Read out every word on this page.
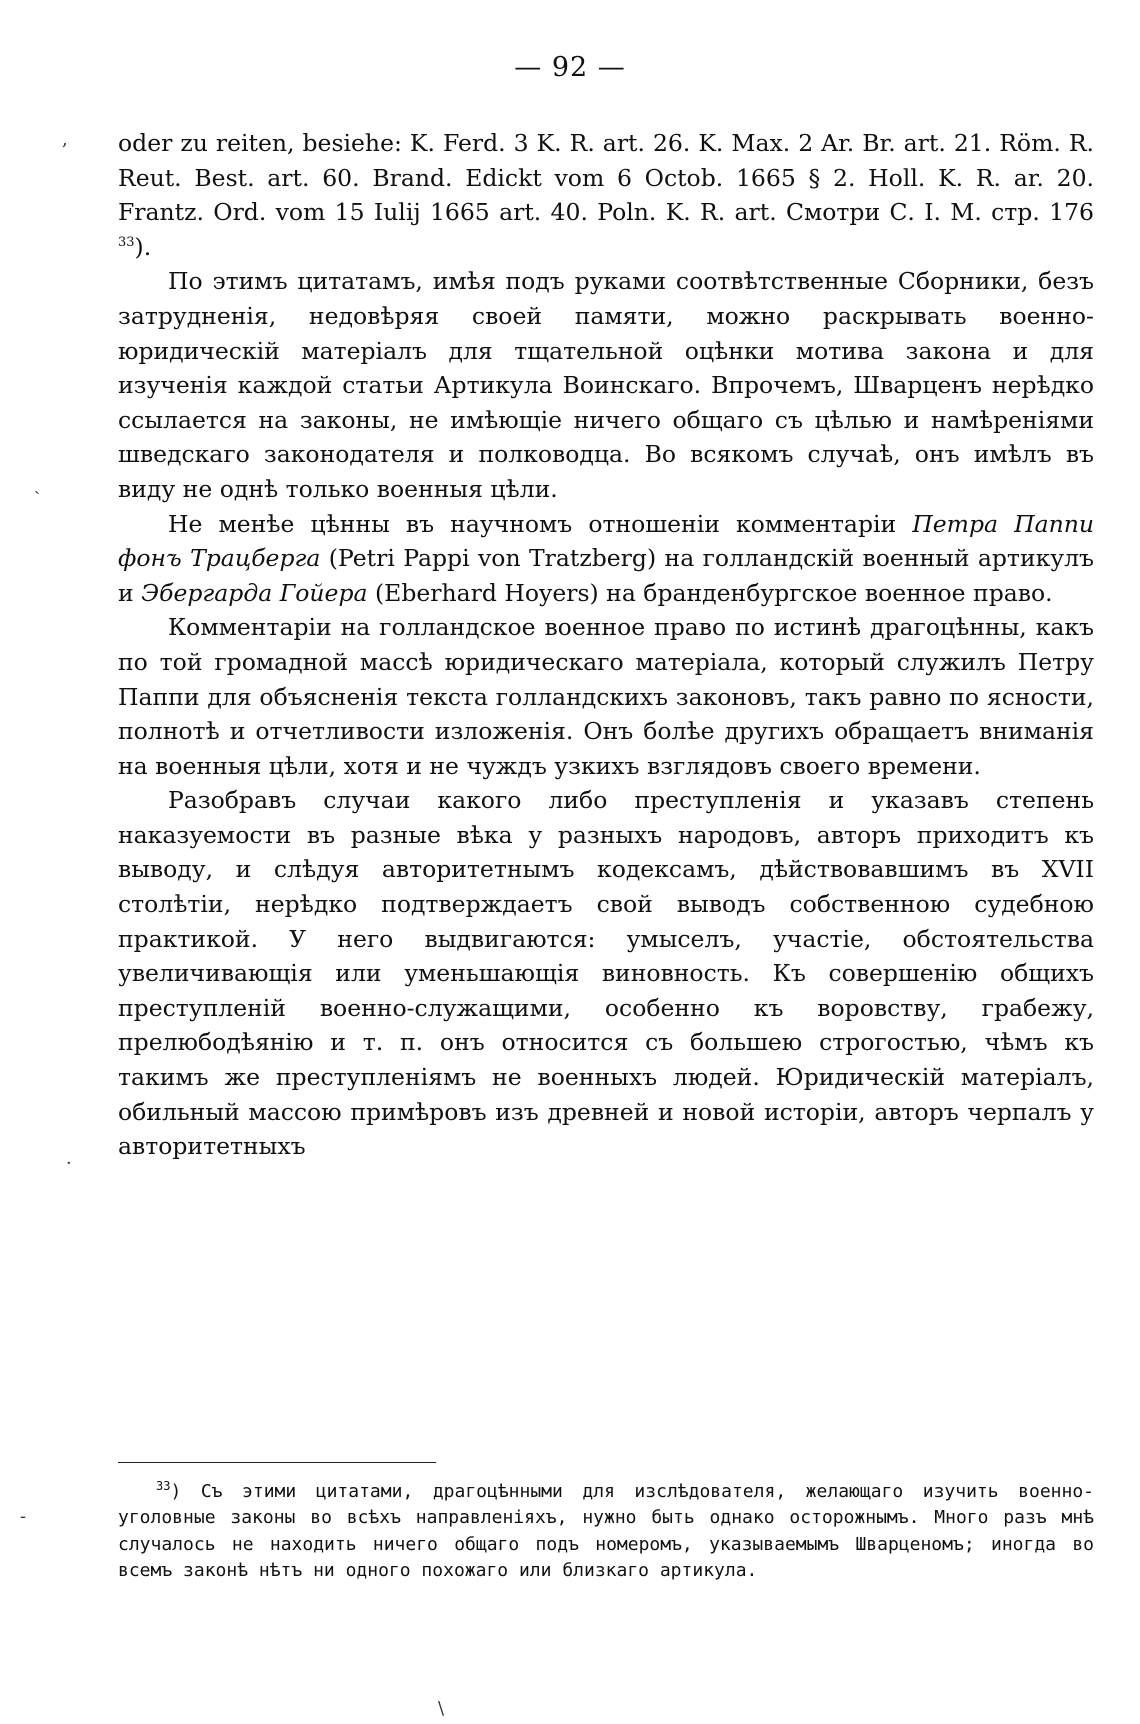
— 92 —

oder zu reiten, besiehe: K. Ferd. 3 K. R. art. 26. K. Max. 2 Ar. Br. art. 21. Röm. R. Reut. Best. art. 60. Brand. Edickt vom 6 Octob. 1665 § 2. Holl. K. R. ar. 20. Frantz. Ord. vom 15 Iulij 1665 art. 40. Poln. K. R. art. Смотри С. I. М. стр. 176 $^{33}$).

По этимъ цитатамъ, имѣя подъ руками соотвѣтственные Сборники, безъ затрудненія, недовѣряя своей памяти, можно раскрывать военно-юридическій матеріалъ для тщательной оцѣнки мотива закона и для изученія каждой статьи Артикула Воинскаго. Впрочемъ, Шварценъ нерѣдко ссылается на законы, не имѣющіе ничего общаго съ цѣлью и намѣреніями шведскаго законодателя и полководца. Во всякомъ случаѣ, онъ имѣлъ въ виду не однѣ только военныя цѣли.

Не менѣе цѣнны въ научномъ отношеніи комментаріи Петра Паппи фонъ Трацберга (Petri Pappi von Tratzberg) на голландскій военный артикулъ и Эбергарда Гойера (Eberhard Hoyers) на бранденбургское военное право.

Комментаріи на голландское военное право по истинѣ драгоцѣнны, какъ по той громадной массѣ юридическаго матеріала, который служилъ Петру Паппи для объясненія текста голландскихъ законовъ, такъ равно по ясности, полнотѣ и отчетливости изложенія. Онъ болѣе другихъ обращаетъ вниманія на военныя цѣли, хотя и не чуждъ узкихъ взглядовъ своего времени.

Разобравъ случаи какого либо преступленія и указавъ степень наказуемости въ разные вѣка у разныхъ народовъ, авторъ приходитъ къ выводу, и слѣдуя авторитетнымъ кодексамъ, дѣйствовавшимъ въ XVII столѣтіи, нерѣдко подтверждаетъ свой выводъ собственною судебною практикой. У него выдвигаются: умыселъ, участіе, обстоятельства увеличивающія или уменьшающія виновность. Къ совершенію общихъ преступленій военно-служащими, особенно къ воровству, грабежу, прелюбодѣянію и т. п. онъ относится съ большею строгостью, чѣмъ къ такимъ же преступленіямъ не военныхъ людей. Юридическій матеріалъ, обильный массою примѣровъ изъ древней и новой исторіи, авторъ черпалъ у авторитетныхъ

$^{33}$) Съ этими цитатами, драгоцѣнными для изслѣдователя, желающаго изучить военно-уголовные законы во всѣхъ направленіяхъ, нужно быть однако осторожнымъ. Много разъ мнѣ случалось не находить ничего общаго подъ номеромъ, указываемымъ Шварценомъ; иногда во всемъ законѣ нѣтъ ни одного похожаго или близкаго артикула.

,
ˏ
·
-
\
